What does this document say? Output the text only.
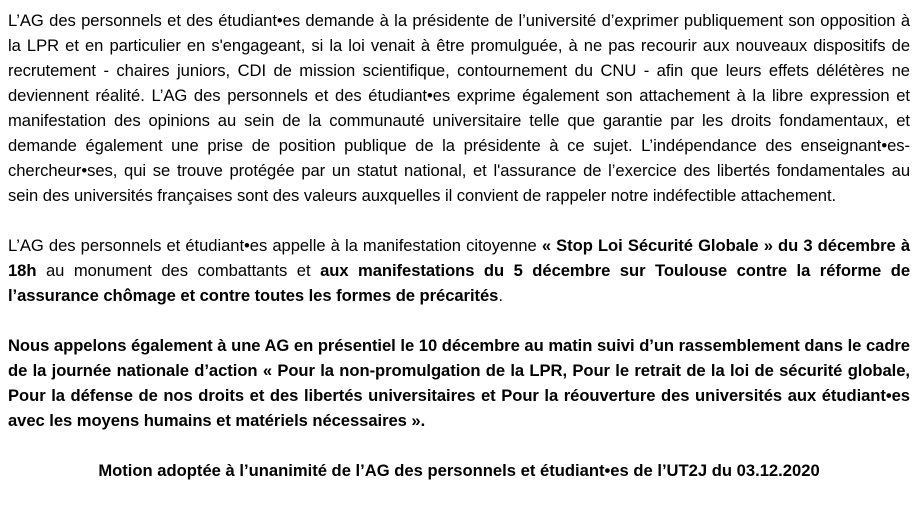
L’AG des personnels et des étudiant•es demande à la présidente de l’université d’exprimer publiquement son opposition à la LPR et en particulier en s'engageant, si la loi venait à être promulguée, à ne pas recourir aux nouveaux dispositifs de recrutement - chaires juniors, CDI de mission scientifique, contournement du CNU - afin que leurs effets délétères ne deviennent réalité. L’AG des personnels et des étudiant•es exprime également son attachement à la libre expression et manifestation des opinions au sein de la communauté universitaire telle que garantie par les droits fondamentaux, et demande également une prise de position publique de la présidente à ce sujet. L’indépendance des enseignant•es-chercheur•ses, qui se trouve protégée par un statut national, et l'assurance de l’exercice des libertés fondamentales au sein des universités françaises sont des valeurs auxquelles il convient de rappeler notre indéfectible attachement.

L’AG des personnels et étudiant•es appelle à la manifestation citoyenne « Stop Loi Sécurité Globale » du 3 décembre à 18h au monument des combattants et aux manifestations du 5 décembre sur Toulouse contre la réforme de l’assurance chômage et contre toutes les formes de précarités.

Nous appelons également à une AG en présentiel le 10 décembre au matin suivi d’un rassemblement dans le cadre de la journée nationale d’action « Pour la non-promulgation de la LPR, Pour le retrait de la loi de sécurité globale, Pour la défense de nos droits et des libertés universitaires et Pour la réouverture des universités aux étudiant•es avec les moyens humains et matériels nécessaires ».

Motion adoptée à l’unanimité de l’AG des personnels et étudiant•es de l’UT2J du 03.12.2020
